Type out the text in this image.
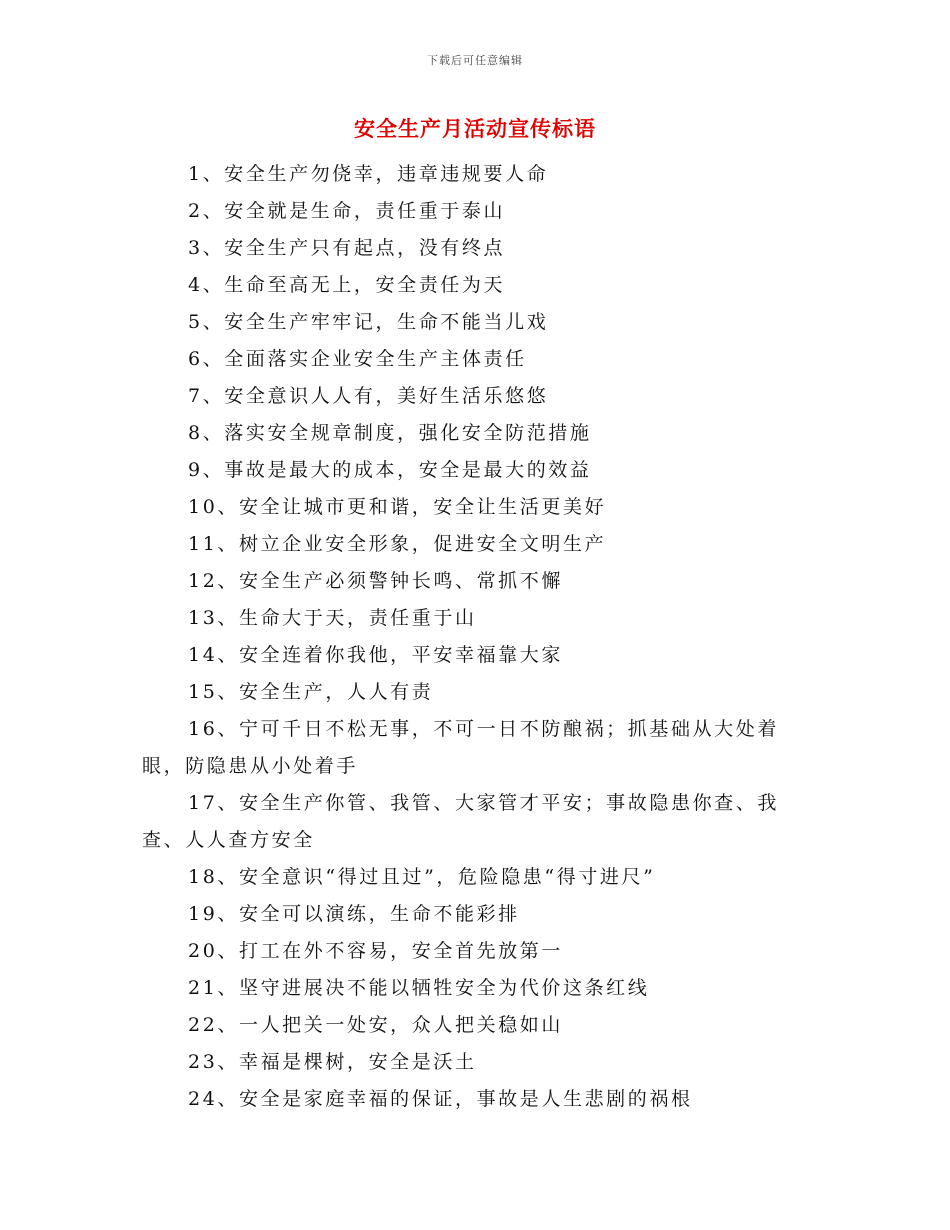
下载后可任意编辑
安全生产月活动宣传标语
1、安全生产勿侥幸，违章违规要人命
2、安全就是生命，责任重于泰山
3、安全生产只有起点，没有终点
4、生命至高无上，安全责任为天
5、安全生产牢牢记，生命不能当儿戏
6、全面落实企业安全生产主体责任
7、安全意识人人有，美好生活乐悠悠
8、落实安全规章制度，强化安全防范措施
9、事故是最大的成本，安全是最大的效益
10、安全让城市更和谐，安全让生活更美好
11、树立企业安全形象，促进安全文明生产
12、安全生产必须警钟长鸣、常抓不懈
13、生命大于天，责任重于山
14、安全连着你我他，平安幸福靠大家
15、安全生产，人人有责
16、宁可千日不松无事，不可一日不防酿祸；抓基础从大处着眼，防隐患从小处着手
17、安全生产你管、我管、大家管才平安；事故隐患你查、我查、人人查方安全
18、安全意识“得过且过”，危险隐患“得寸进尺”
19、安全可以演练，生命不能彩排
20、打工在外不容易，安全首先放第一
21、坚守进展决不能以牺牲安全为代价这条红线
22、一人把关一处安，众人把关稳如山
23、幸福是棵树，安全是沃土
24、安全是家庭幸福的保证，事故是人生悲剧的祸根
